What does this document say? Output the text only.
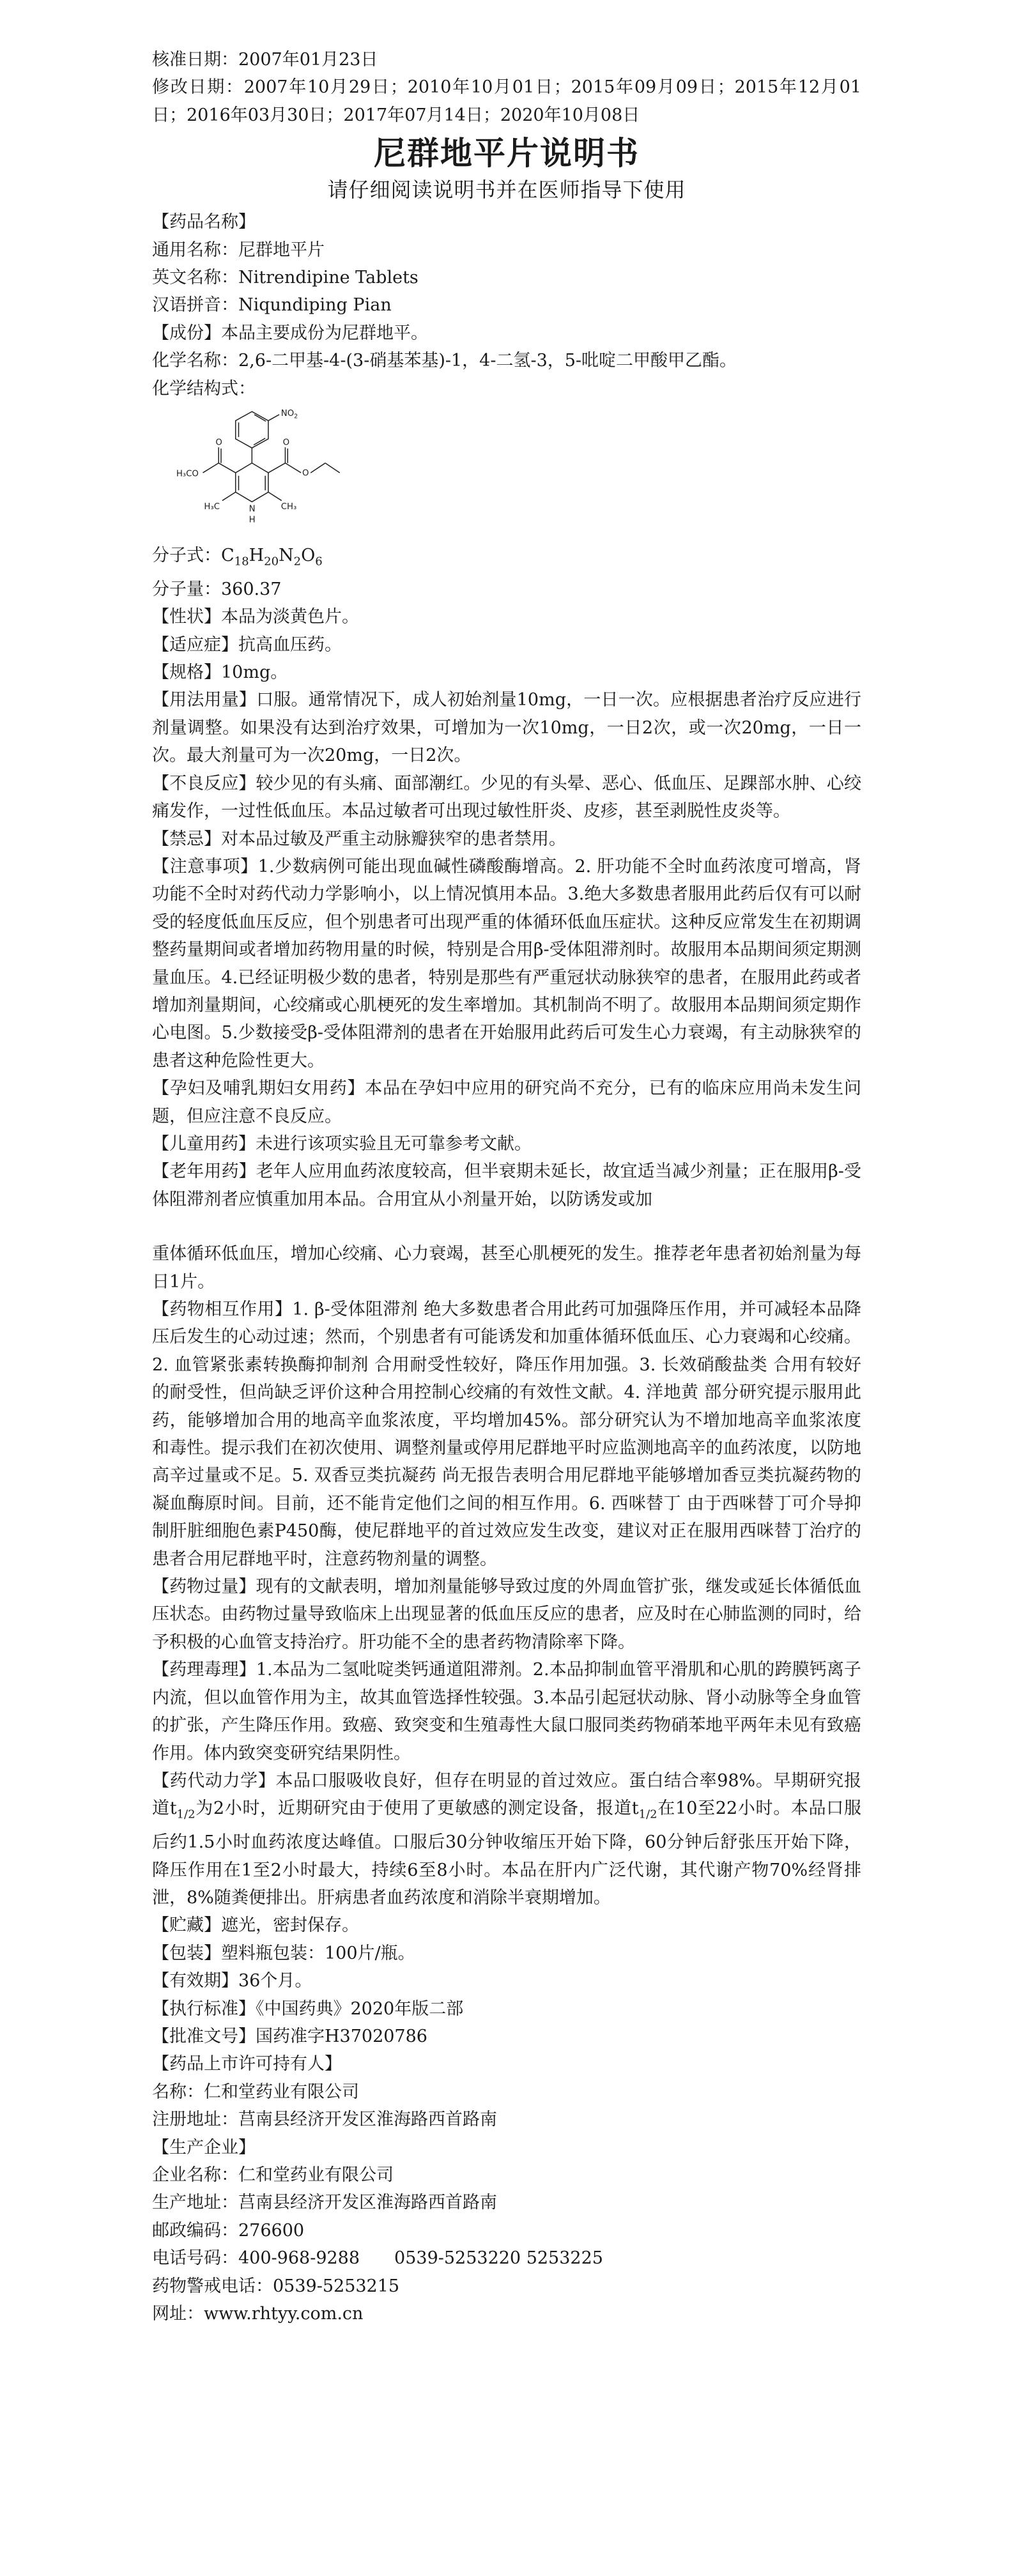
核准日期：2007年01月23日
修改日期：2007年10月29日；2010年10月01日；2015年09月09日；2015年12月01日；2016年03月30日；2017年07月14日；2020年10月08日
尼群地平片说明书
请仔细阅读说明书并在医师指导下使用
【药品名称】
通用名称：尼群地平片
英文名称：Nitrendipine Tablets
汉语拼音：Niqundiping Pian
【成份】本品主要成份为尼群地平。
化学名称：2,6-二甲基-4-(3-硝基苯基)-1，4-二氢-3，5-吡啶二甲酸甲乙酯。
化学结构式：
$NO_2$
O	O
O
H₃CO
H₃C	CH₃
N
H
分子式：$C_{18}H_{20}N_2O_6$
分子量：360.37
【性状】本品为淡黄色片。
【适应症】抗高血压药。
【规格】10mg。
【用法用量】口服。通常情况下，成人初始剂量10mg，一日一次。应根据患者治疗反应进行剂量调整。如果没有达到治疗效果，可增加为一次10mg，一日2次，或一次20mg，一日一次。最大剂量可为一次20mg，一日2次。
【不良反应】较少见的有头痛、面部潮红。少见的有头晕、恶心、低血压、足踝部水肿、心绞痛发作，一过性低血压。本品过敏者可出现过敏性肝炎、皮疹，甚至剥脱性皮炎等。
【禁忌】对本品过敏及严重主动脉瓣狭窄的患者禁用。
【注意事项】1.少数病例可能出现血碱性磷酸酶增高。2. 肝功能不全时血药浓度可增高，肾功能不全时对药代动力学影响小，以上情况慎用本品。3.绝大多数患者服用此药后仅有可以耐受的轻度低血压反应，但个别患者可出现严重的体循环低血压症状。这种反应常发生在初期调整药量期间或者增加药物用量的时候，特别是合用β-受体阻滞剂时。故服用本品期间须定期测量血压。4.已经证明极少数的患者，特别是那些有严重冠状动脉狭窄的患者，在服用此药或者增加剂量期间，心绞痛或心肌梗死的发生率增加。其机制尚不明了。故服用本品期间须定期作心电图。5.少数接受β-受体阻滞剂的患者在开始服用此药后可发生心力衰竭，有主动脉狭窄的患者这种危险性更大。
【孕妇及哺乳期妇女用药】本品在孕妇中应用的研究尚不充分，已有的临床应用尚未发生问题，但应注意不良反应。
【儿童用药】未进行该项实验且无可靠参考文献。
【老年用药】老年人应用血药浓度较高，但半衰期未延长，故宜适当减少剂量；正在服用β-受体阻滞剂者应慎重加用本品。合用宜从小剂量开始，以防诱发或加
重体循环低血压，增加心绞痛、心力衰竭，甚至心肌梗死的发生。推荐老年患者初始剂量为每日1片。
【药物相互作用】1. β-受体阻滞剂 绝大多数患者合用此药可加强降压作用，并可减轻本品降压后发生的心动过速；然而，个别患者有可能诱发和加重体循环低血压、心力衰竭和心绞痛。2. 血管紧张素转换酶抑制剂 合用耐受性较好，降压作用加强。3. 长效硝酸盐类 合用有较好的耐受性，但尚缺乏评价这种合用控制心绞痛的有效性文献。4. 洋地黄 部分研究提示服用此药，能够增加合用的地高辛血浆浓度，平均增加45%。部分研究认为不增加地高辛血浆浓度和毒性。提示我们在初次使用、调整剂量或停用尼群地平时应监测地高辛的血药浓度，以防地高辛过量或不足。5. 双香豆类抗凝药 尚无报告表明合用尼群地平能够增加香豆类抗凝药物的凝血酶原时间。目前，还不能肯定他们之间的相互作用。6. 西咪替丁 由于西咪替丁可介导抑制肝脏细胞色素P450酶，使尼群地平的首过效应发生改变，建议对正在服用西咪替丁治疗的患者合用尼群地平时，注意药物剂量的调整。
【药物过量】现有的文献表明，增加剂量能够导致过度的外周血管扩张，继发或延长体循低血压状态。由药物过量导致临床上出现显著的低血压反应的患者，应及时在心肺监测的同时，给予积极的心血管支持治疗。肝功能不全的患者药物清除率下降。
【药理毒理】1.本品为二氢吡啶类钙通道阻滞剂。2.本品抑制血管平滑肌和心肌的跨膜钙离子内流，但以血管作用为主，故其血管选择性较强。3.本品引起冠状动脉、肾小动脉等全身血管的扩张，产生降压作用。致癌、致突变和生殖毒性大鼠口服同类药物硝苯地平两年未见有致癌作用。体内致突变研究结果阴性。
【药代动力学】本品口服吸收良好，但存在明显的首过效应。蛋白结合率98%。早期研究报道$t_{1/2}$为2小时，近期研究由于使用了更敏感的测定设备，报道$t_{1/2}$在10至22小时。本品口服后约1.5小时血药浓度达峰值。口服后30分钟收缩压开始下降，60分钟后舒张压开始下降，降压作用在1至2小时最大，持续6至8小时。本品在肝内广泛代谢，其代谢产物70%经肾排泄，8%随粪便排出。肝病患者血药浓度和消除半衰期增加。
【贮藏】遮光，密封保存。
【包装】塑料瓶包装：100片/瓶。
【有效期】36个月。
【执行标准】《中国药典》2020年版二部
【批准文号】国药准字H37020786
【药品上市许可持有人】
名称：仁和堂药业有限公司
注册地址：莒南县经济开发区淮海路西首路南
【生产企业】
企业名称：仁和堂药业有限公司
生产地址：莒南县经济开发区淮海路西首路南
邮政编码：276600
电话号码：400-968-9288　　0539-5253220 5253225
药物警戒电话：0539-5253215
网址：www.rhtyy.com.cn
